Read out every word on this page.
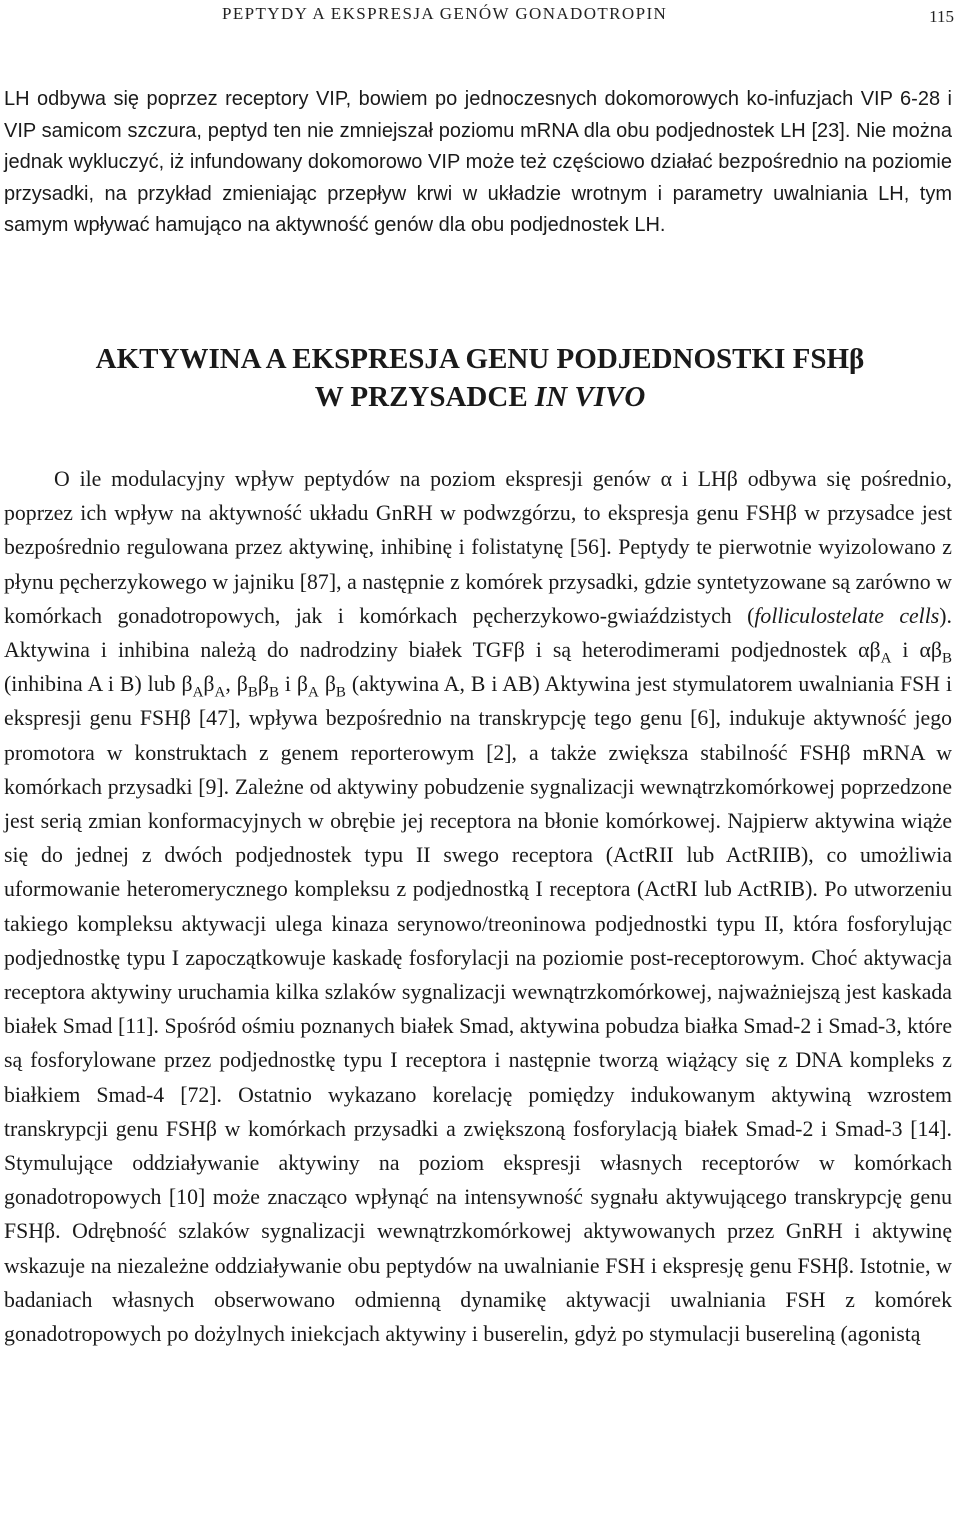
PEPTYDY A EKSPRESJA GENÓW GONADOTROPIN	115

LH odbywa się poprzez receptory VIP, bowiem po jednoczesnych dokomorowych ko-infuzjach VIP 6-28 i VIP samicom szczura, peptyd ten nie zmniejszał poziomu mRNA dla obu podjednostek LH [23]. Nie można jednak wykluczyć, iż infundowany dokomorowo VIP może też częściowo działać bezpośrednio na poziomie przysadki, na przykład zmieniając przepływ krwi w układzie wrotnym i parametry uwalniania LH, tym samym wpływać hamująco na aktywność genów dla obu podjednostek LH.

AKTYWINA A EKSPRESJA GENU PODJEDNOSTKI FSHβ
W PRZYSADCE IN VIVO

O ile modulacyjny wpływ peptydów na poziom ekspresji genów α i LHβ odbywa się pośrednio, poprzez ich wpływ na aktywność układu GnRH w podwzgórzu, to ekspresja genu FSHβ w przysadce jest bezpośrednio regulowana przez aktywinę, inhibinę i folistatynę [56]. Peptydy te pierwotnie wyizolowano z płynu pęcherzykowego w jajniku [87], a następnie z komórek przysadki, gdzie syntetyzowane są zarówno w komórkach gonadotropowych, jak i komórkach pęcherzykowo-gwiaździstych (folliculostelate cells). Aktywina i inhibina należą do nadrodziny białek TGFβ i są heterodimerami podjednostek $\alpha\beta_A$ i $\alpha\beta_B$ (inhibina A i B) lub $\beta_A\beta_A$, $\beta_B\beta_B$ i $\beta_A$ $\beta_B$ (aktywina A, B i AB) Aktywina jest stymulatorem uwalniania FSH i ekspresji genu FSHβ [47], wpływa bezpośrednio na transkrypcję tego genu [6], indukuje aktywność jego promotora w konstruktach z genem reporterowym [2], a także zwiększa stabilność FSHβ mRNA w komórkach przysadki [9]. Zależne od aktywiny pobudzenie sygnalizacji wewnątrzkomórkowej poprzedzone jest serią zmian konformacyjnych w obrębie jej receptora na błonie komórkowej. Najpierw aktywina wiąże się do jednej z dwóch podjednostek typu II swego receptora (ActRII lub ActRIIB), co umożliwia uformowanie heteromerycznego kompleksu z podjednostką I receptora (ActRI lub ActRIB). Po utworzeniu takiego kompleksu aktywacji ulega kinaza serynowo/treoninowa podjednostki typu II, która fosforylując podjednostkę typu I zapoczątkowuje kaskadę fosforylacji na poziomie post-receptorowym. Choć aktywacja receptora aktywiny uruchamia kilka szlaków sygnalizacji wewnątrzkomórkowej, najważniejszą jest kaskada białek Smad [11]. Spośród ośmiu poznanych białek Smad, aktywina pobudza białka Smad-2 i Smad-3, które są fosforylowane przez podjednostkę typu I receptora i następnie tworzą wiążący się z DNA kompleks z białkiem Smad-4 [72]. Ostatnio wykazano korelację pomiędzy indukowanym aktywiną wzrostem transkrypcji genu FSHβ w komórkach przysadki a zwiększoną fosforylacją białek Smad-2 i Smad-3 [14]. Stymulujące oddziaływanie aktywiny na poziom ekspresji własnych receptorów w komórkach gonadotropowych [10] może znacząco wpłynąć na intensywność sygnału aktywującego transkrypcję genu FSHβ. Odrębność szlaków sygnalizacji wewnątrzkomórkowej aktywowanych przez GnRH i aktywinę wskazuje na niezależne oddziaływanie obu peptydów na uwalnianie FSH i ekspresję genu FSHβ. Istotnie, w badaniach własnych obserwowano odmienną dynamikę aktywacji uwalniania FSH z komórek gonadotropowych po dożylnych iniekcjach aktywiny i buserelin, gdyż po stymulacji busereliną (agonistą
